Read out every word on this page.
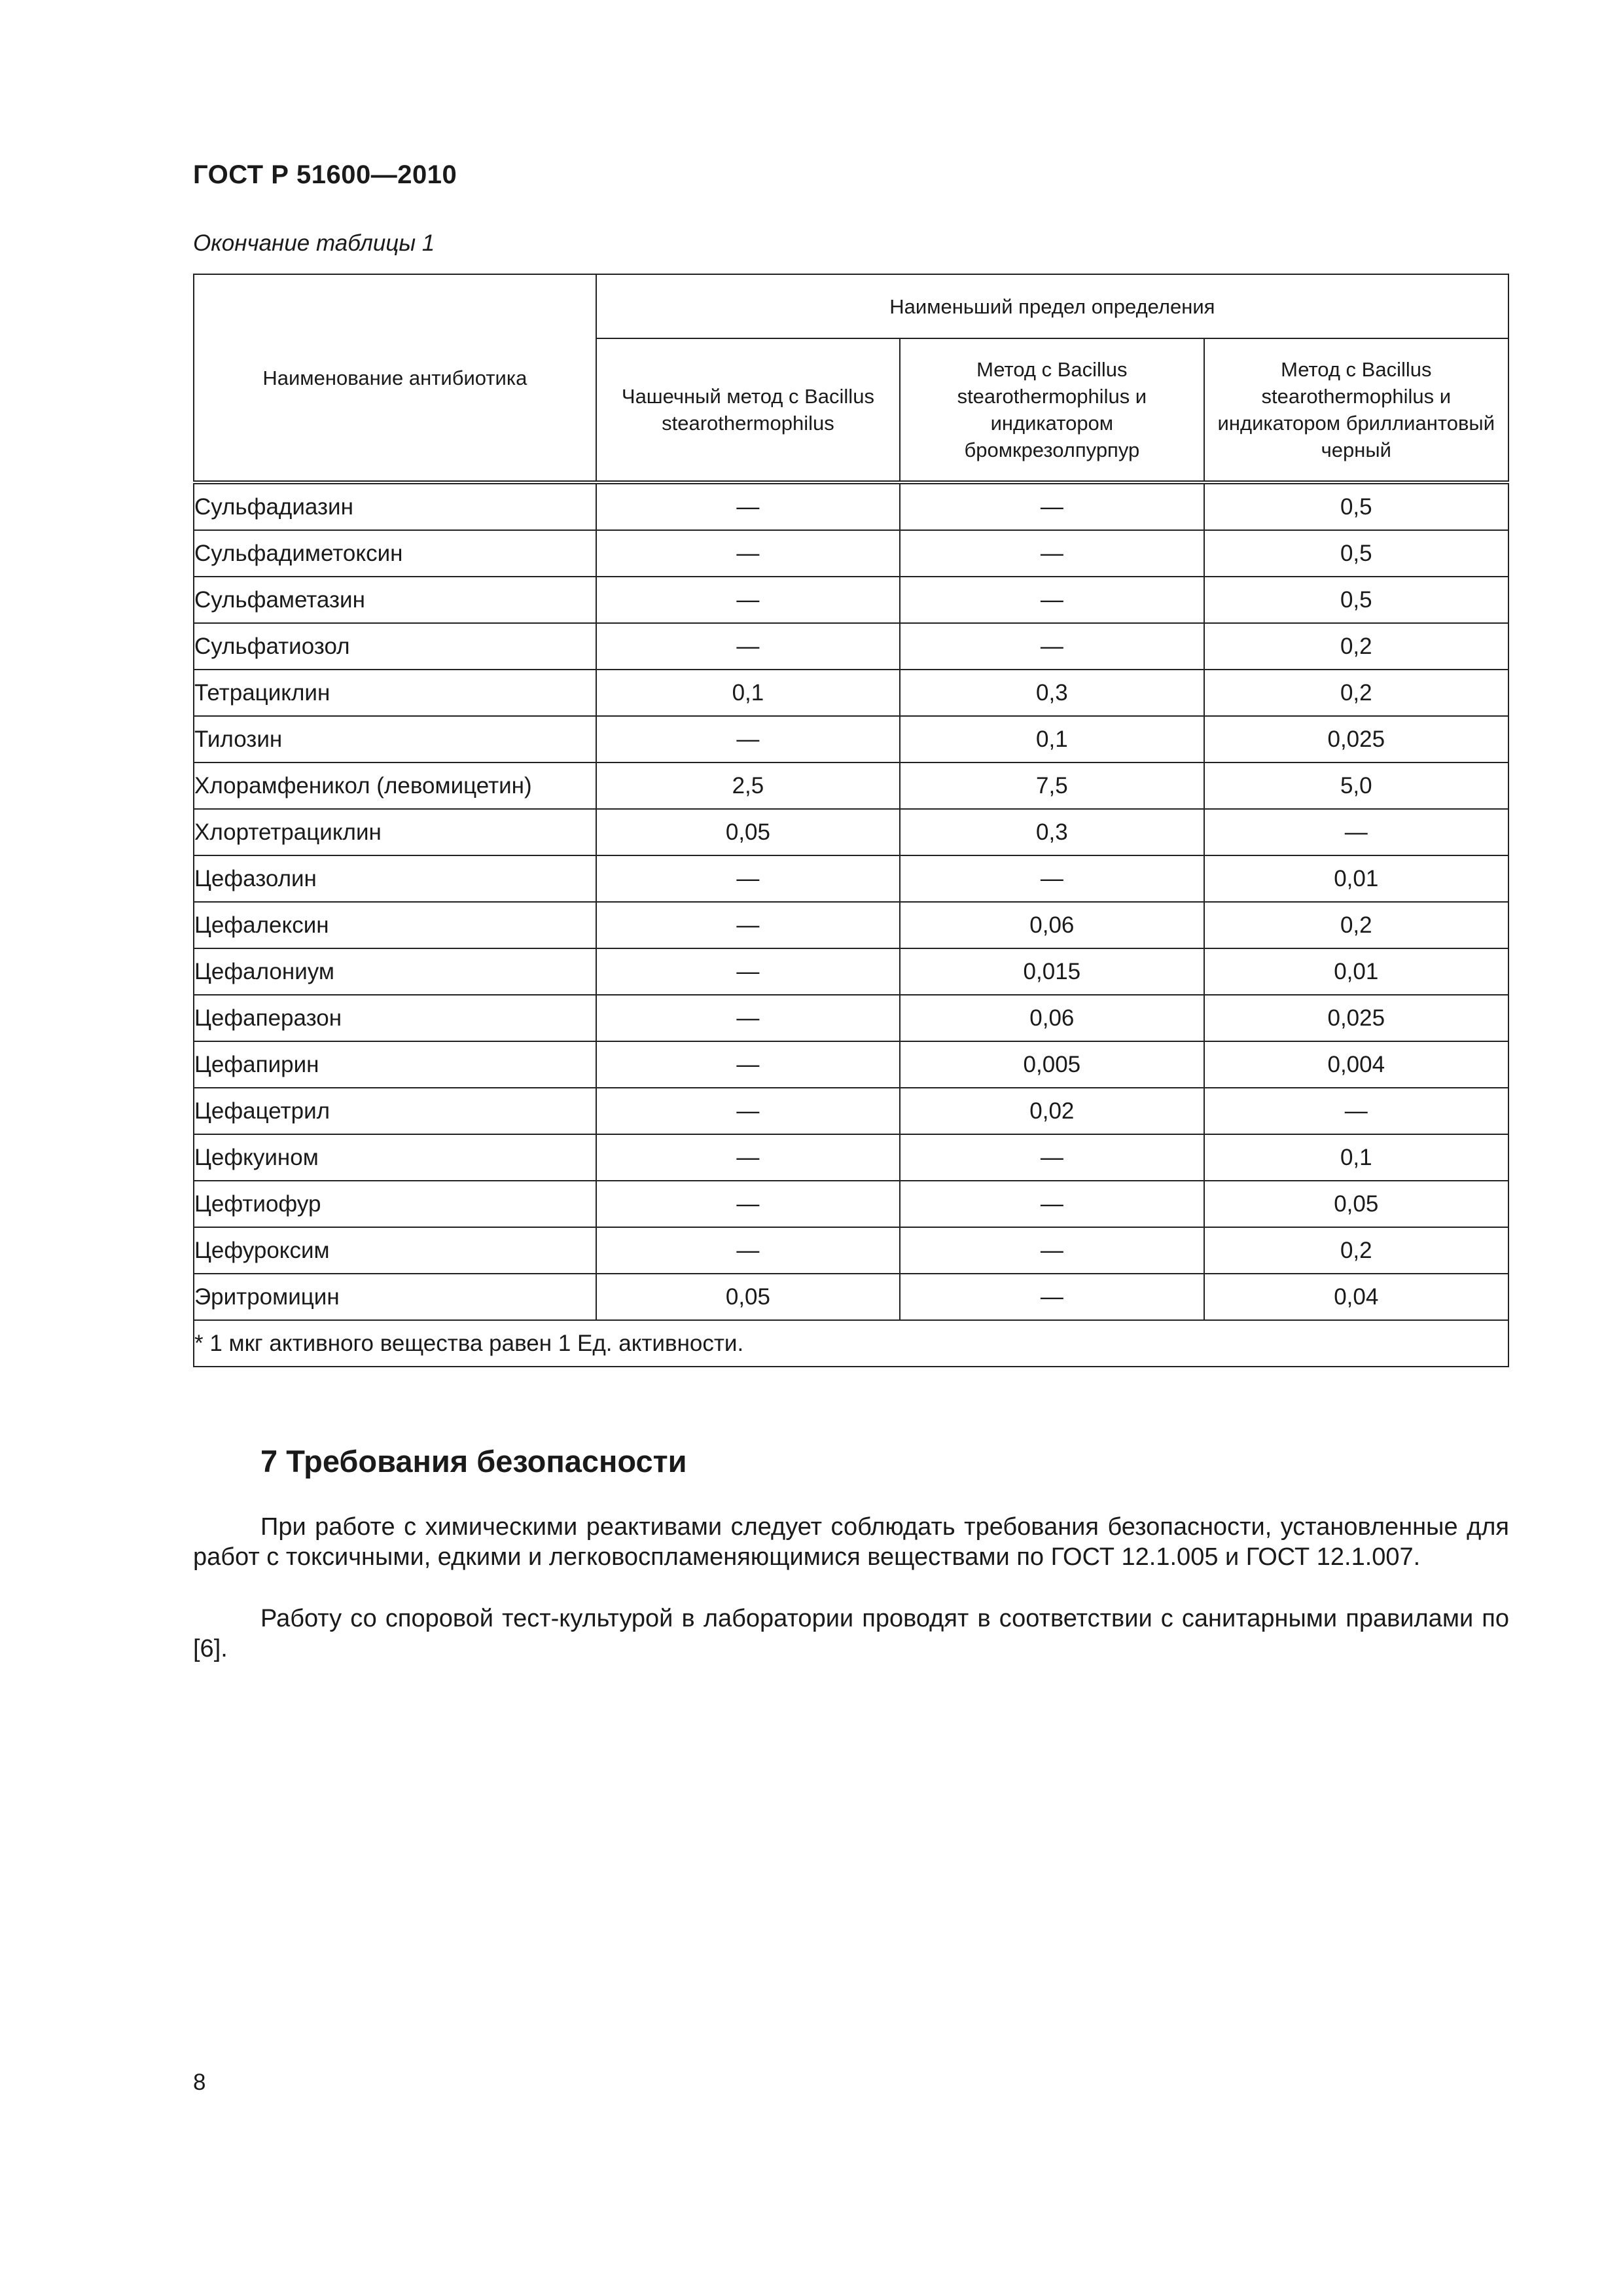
ГОСТ Р 51600—2010
Окончание таблицы 1
Наименование антибиотика	Наименьший предел определения		
	Чашечный метод с Bacillus stearothermophilus	Метод с Bacillus stearothermophilus и индикатором бромкрезолпурпур	Метод с Bacillus stearothermophilus и индикатором бриллиантовый черный
Сульфадиазин	—	—	0,5
Сульфадиметоксин	—	—	0,5
Сульфаметазин	—	—	0,5
Сульфатиозол	—	—	0,2
Тетрациклин	0,1	0,3	0,2
Тилозин	—	0,1	0,025
Хлорамфеникол (левомицетин)	2,5	7,5	5,0
Хлортетрациклин	0,05	0,3	—
Цефазолин	—	—	0,01
Цефалексин	—	0,06	0,2
Цефалониум	—	0,015	0,01
Цефаперазон	—	0,06	0,025
Цефапирин	—	0,005	0,004
Цефацетрил	—	0,02	—
Цефкуином	—	—	0,1
Цефтиофур	—	—	0,05
Цефуроксим	—	—	0,2
Эритромицин	0,05	—	0,04
* 1 мкг активного вещества равен 1 Ед. активности.			
7 Требования безопасности
При работе с химическими реактивами следует соблюдать требования безопасности, установленные для работ с токсичными, едкими и легковоспламеняющимися веществами по ГОСТ 12.1.005 и ГОСТ 12.1.007.
Работу со споровой тест-культурой в лаборатории проводят в соответствии с санитарными правилами по [6].
8
